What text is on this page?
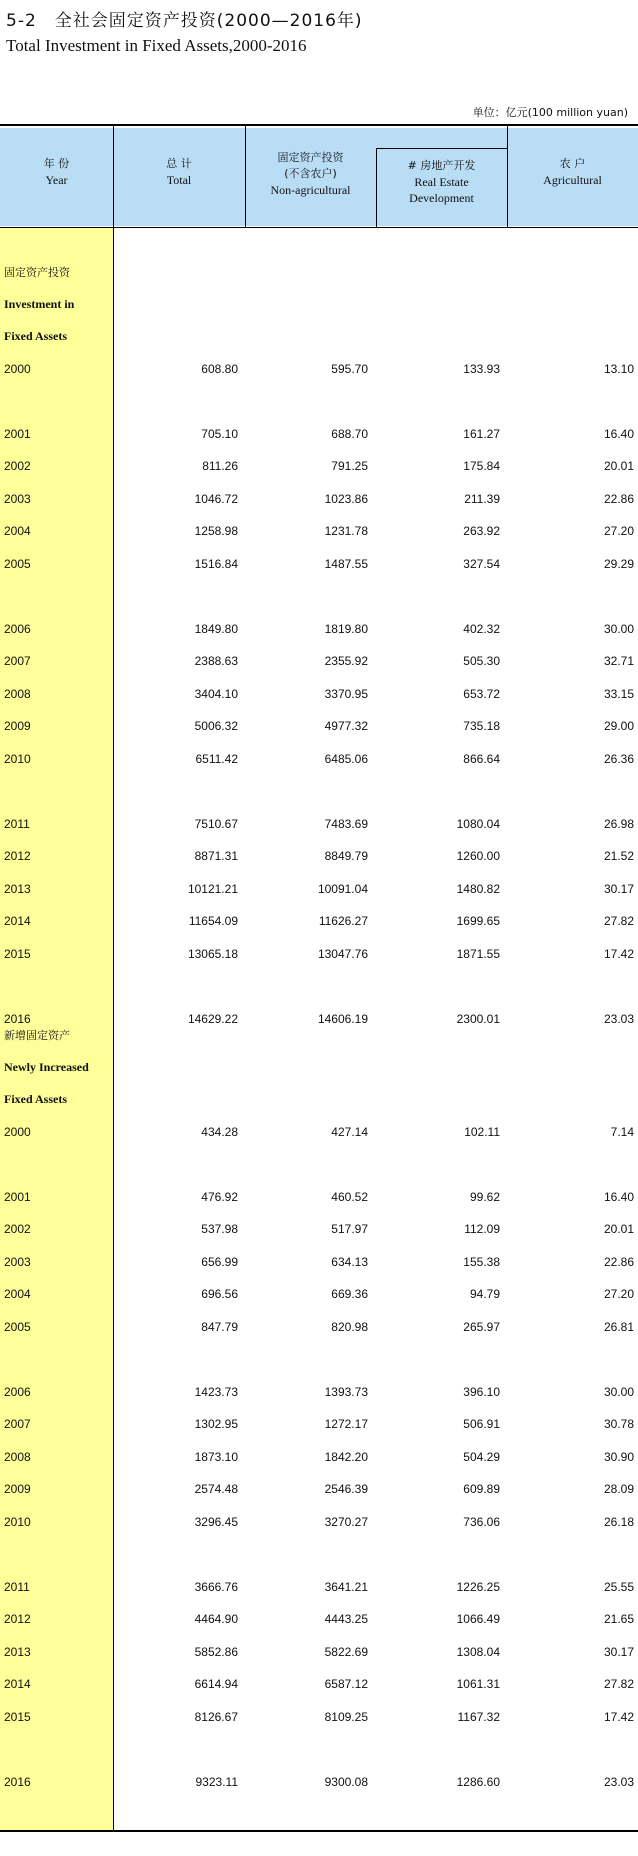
5-2　全社会固定资产投资(2000—2016年)
Total Investment in Fixed Assets,2000-2016
单位：亿元(100 million yuan)
年 份
Year
总 计
Total
固定资产投资
(不含农户)
Non-agricultural
# 房地产开发
Real Estate
Development
农 户
Agricultural
固定资产投资
Investment in
Fixed Assets
2000	608.80	595.70	133.93	13.10
2001	705.10	688.70	161.27	16.40
2002	811.26	791.25	175.84	20.01
2003	1046.72	1023.86	211.39	22.86
2004	1258.98	1231.78	263.92	27.20
2005	1516.84	1487.55	327.54	29.29
2006	1849.80	1819.80	402.32	30.00
2007	2388.63	2355.92	505.30	32.71
2008	3404.10	3370.95	653.72	33.15
2009	5006.32	4977.32	735.18	29.00
2010	6511.42	6485.06	866.64	26.36
2011	7510.67	7483.69	1080.04	26.98
2012	8871.31	8849.79	1260.00	21.52
2013	10121.21	10091.04	1480.82	30.17
2014	11654.09	11626.27	1699.65	27.82
2015	13065.18	13047.76	1871.55	17.42
2016	14629.22	14606.19	2300.01	23.03
新增固定资产
Newly Increased
Fixed Assets
2000	434.28	427.14	102.11	7.14
2001	476.92	460.52	99.62	16.40
2002	537.98	517.97	112.09	20.01
2003	656.99	634.13	155.38	22.86
2004	696.56	669.36	94.79	27.20
2005	847.79	820.98	265.97	26.81
2006	1423.73	1393.73	396.10	30.00
2007	1302.95	1272.17	506.91	30.78
2008	1873.10	1842.20	504.29	30.90
2009	2574.48	2546.39	609.89	28.09
2010	3296.45	3270.27	736.06	26.18
2011	3666.76	3641.21	1226.25	25.55
2012	4464.90	4443.25	1066.49	21.65
2013	5852.86	5822.69	1308.04	30.17
2014	6614.94	6587.12	1061.31	27.82
2015	8126.67	8109.25	1167.32	17.42
2016	9323.11	9300.08	1286.60	23.03
